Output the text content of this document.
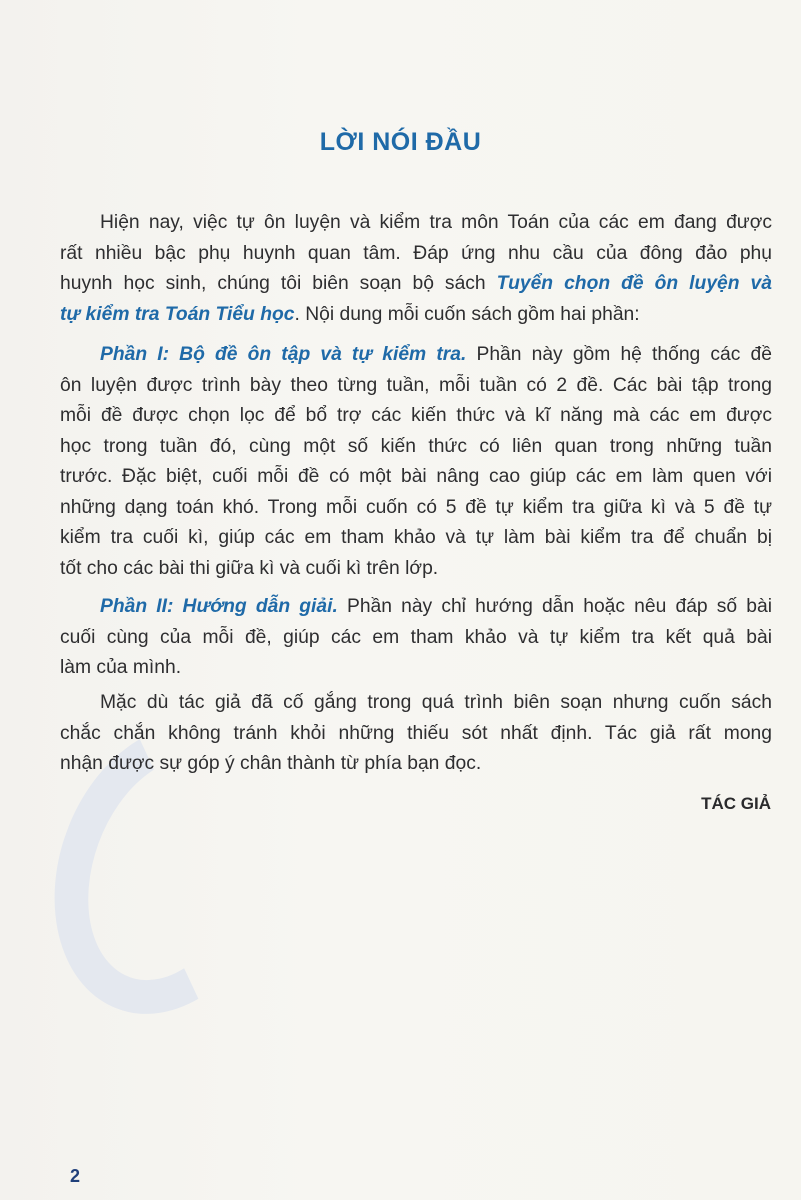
LỜI NÓI ĐẦU
Hiện nay, việc tự ôn luyện và kiểm tra môn Toán của các em đang được
rất nhiều bậc phụ huynh quan tâm. Đáp ứng nhu cầu của đông đảo phụ
huynh học sinh, chúng tôi biên soạn bộ sách Tuyển chọn đề ôn luyện và
tự kiểm tra Toán Tiểu học. Nội dung mỗi cuốn sách gồm hai phần:
Phần I: Bộ đề ôn tập và tự kiểm tra. Phần này gồm hệ thống các đề
ôn luyện được trình bày theo từng tuần, mỗi tuần có 2 đề. Các bài tập trong
mỗi đề được chọn lọc để bổ trợ các kiến thức và kĩ năng mà các em được
học trong tuần đó, cùng một số kiến thức có liên quan trong những tuần
trước. Đặc biệt, cuối mỗi đề có một bài nâng cao giúp các em làm quen với
những dạng toán khó. Trong mỗi cuốn có 5 đề tự kiểm tra giữa kì và 5 đề tự
kiểm tra cuối kì, giúp các em tham khảo và tự làm bài kiểm tra để chuẩn bị
tốt cho các bài thi giữa kì và cuối kì trên lớp.
Phần II: Hướng dẫn giải. Phần này chỉ hướng dẫn hoặc nêu đáp số bài
cuối cùng của mỗi đề, giúp các em tham khảo và tự kiểm tra kết quả bài
làm của mình.
Mặc dù tác giả đã cố gắng trong quá trình biên soạn nhưng cuốn sách
chắc chắn không tránh khỏi những thiếu sót nhất định. Tác giả rất mong
nhận được sự góp ý chân thành từ phía bạn đọc.
TÁC GIẢ
2
